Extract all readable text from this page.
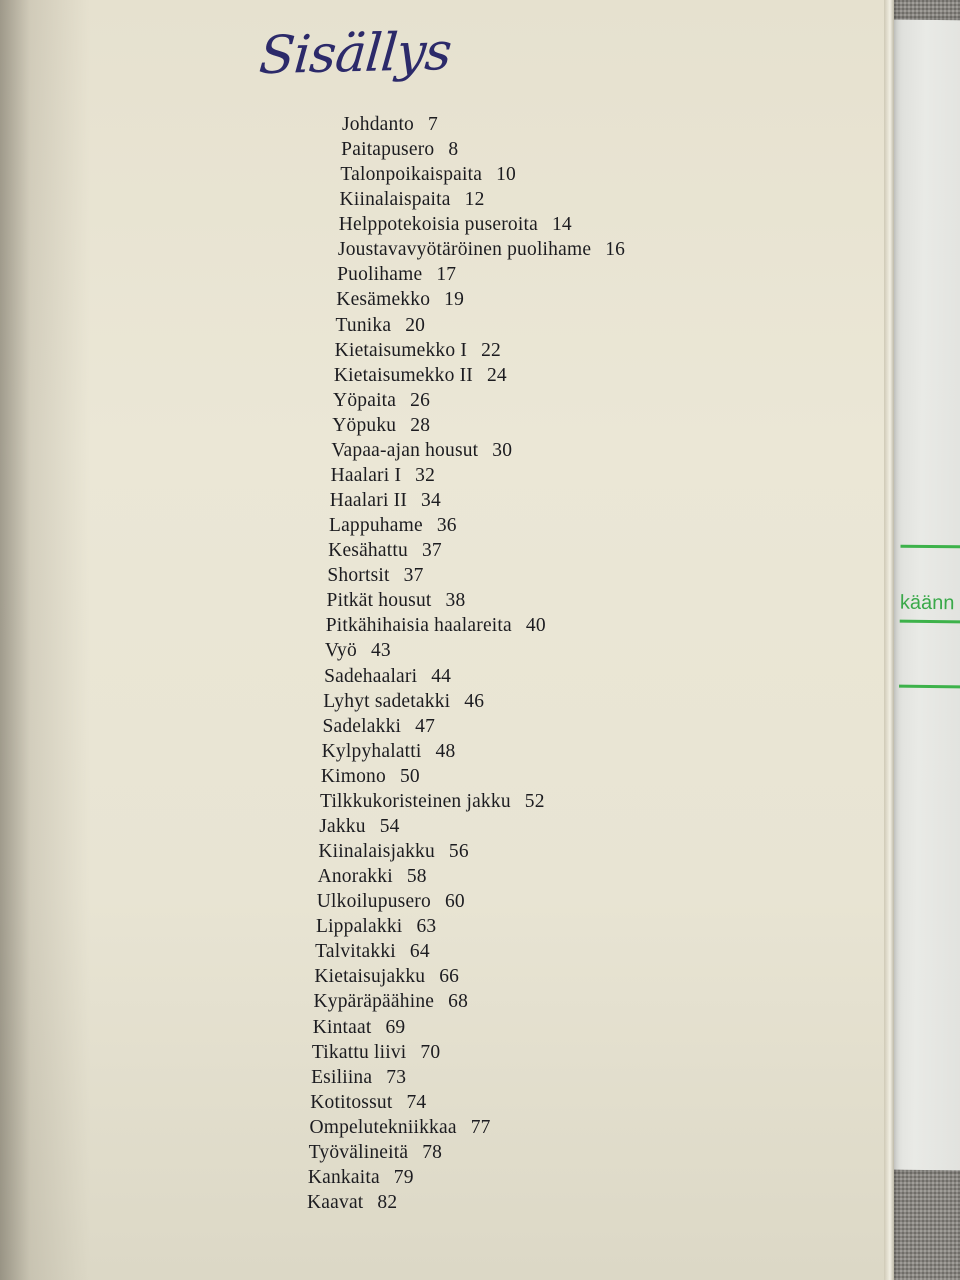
käänn
Sisällys
Johdanto 7
Paitapusero 8
Talonpoikaispaita 10
Kiinalaispaita 12
Helppotekoisia puseroita 14
Joustavavyötäröinen puolihame 16
Puolihame 17
Kesämekko 19
Tunika 20
Kietaisumekko I 22
Kietaisumekko II 24
Yöpaita 26
Yöpuku 28
Vapaa-ajan housut 30
Haalari I 32
Haalari II 34
Lappuhame 36
Kesähattu 37
Shortsit 37
Pitkät housut 38
Pitkähihaisia haalareita 40
Vyö 43
Sadehaalari 44
Lyhyt sadetakki 46
Sadelakki 47
Kylpyhalatti 48
Kimono 50
Tilkkukoristeinen jakku 52
Jakku 54
Kiinalaisjakku 56
Anorakki 58
Ulkoilupusero 60
Lippalakki 63
Talvitakki 64
Kietaisujakku 66
Kypäräpäähine 68
Kintaat 69
Tikattu liivi 70
Esiliina 73
Kotitossut 74
Ompelutekniikkaa 77
Työvälineitä 78
Kankaita 79
Kaavat 82
